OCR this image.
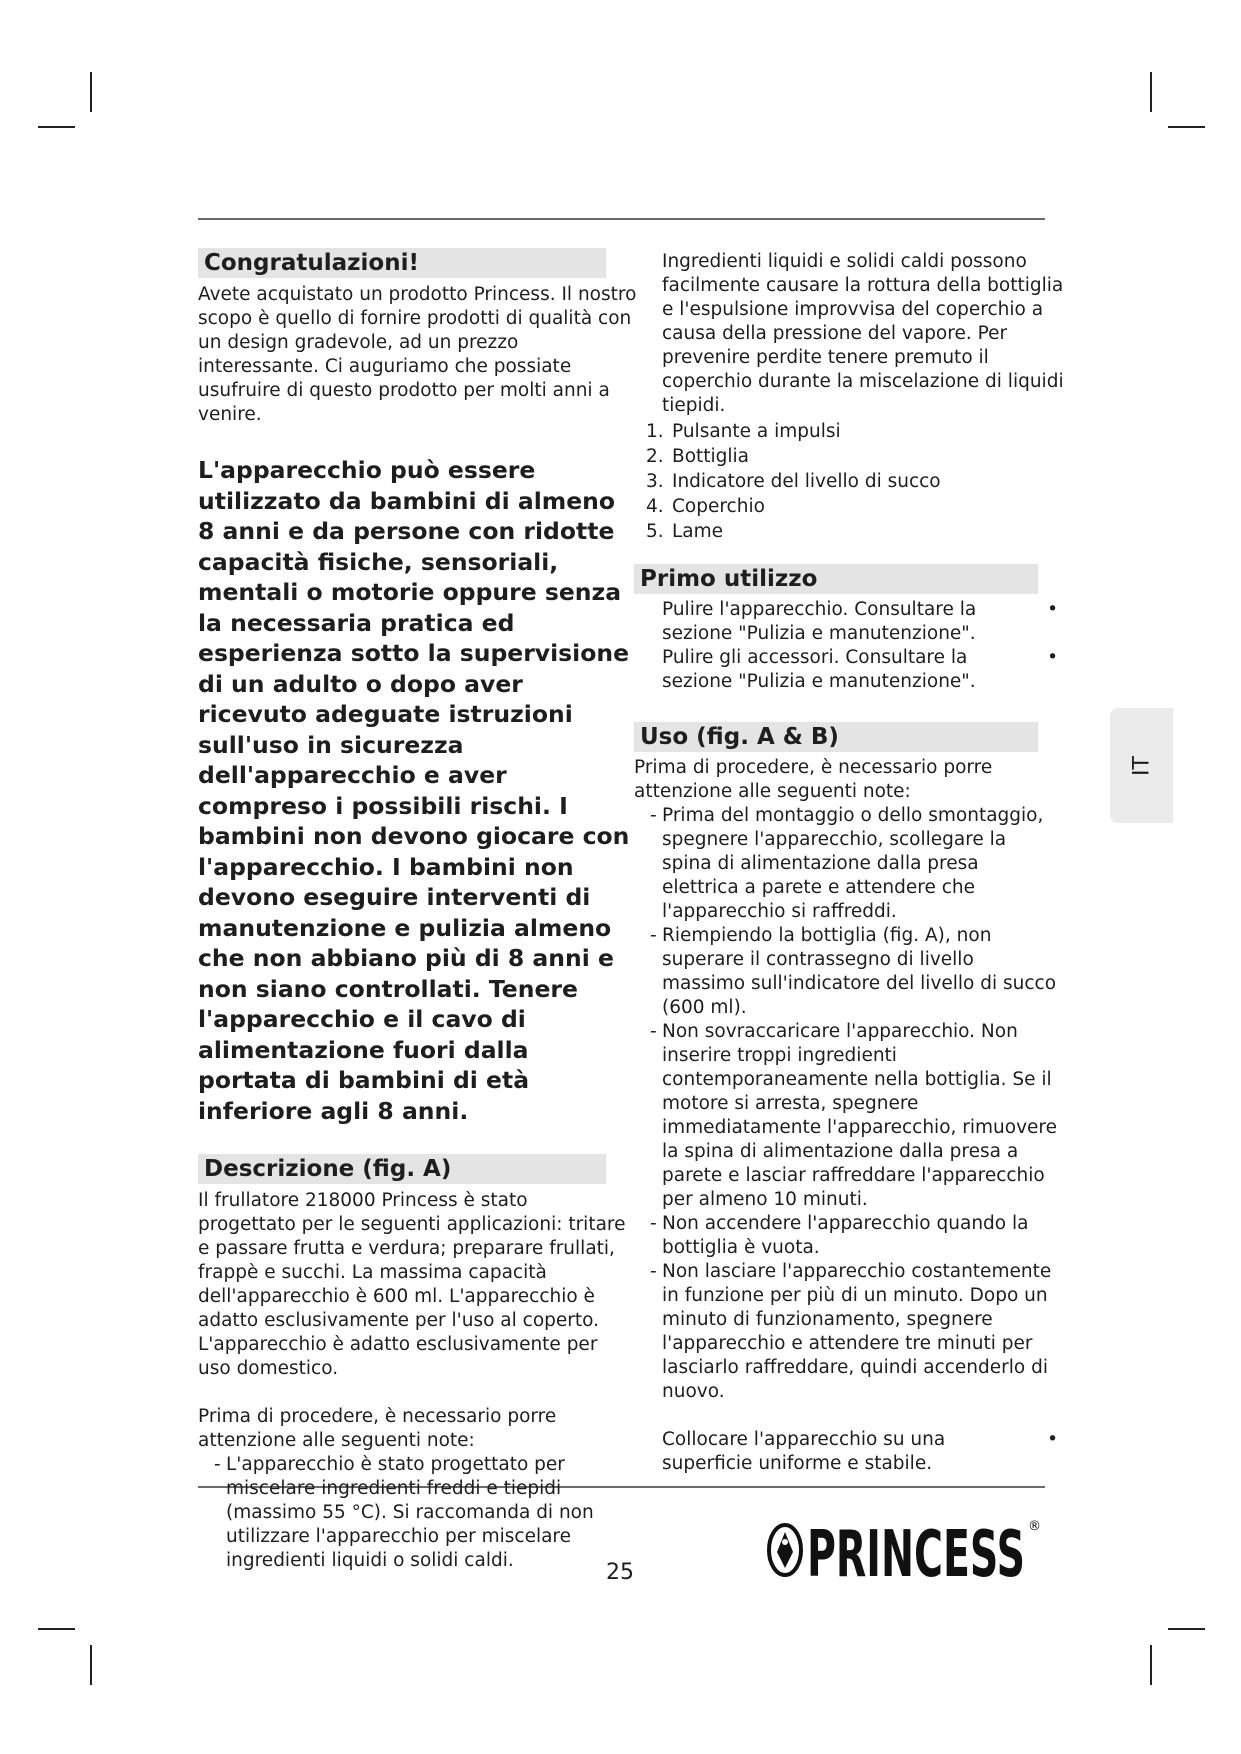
Congratulazioni!

Avete acquistato un prodotto Princess. Il nostro scopo è quello di fornire prodotti di qualità con un design gradevole, ad un prezzo interessante. Ci auguriamo che possiate usufruire di questo prodotto per molti anni a venire.

L'apparecchio può essere utilizzato da bambini di almeno 8 anni e da persone con ridotte capacità fisiche, sensoriali, mentali o motorie oppure senza la necessaria pratica ed esperienza sotto la supervisione di un adulto o dopo aver ricevuto adeguate istruzioni sull'uso in sicurezza dell'apparecchio e aver compreso i possibili rischi. I bambini non devono giocare con l'apparecchio. I bambini non devono eseguire interventi di manutenzione e pulizia almeno che non abbiano più di 8 anni e non siano controllati. Tenere l'apparecchio e il cavo di alimentazione fuori dalla portata di bambini di età inferiore agli 8 anni.

Descrizione (fig. A)

Il frullatore 218000 Princess è stato progettato per le seguenti applicazioni: tritare e passare frutta e verdura; preparare frullati, frappè e succhi. La massima capacità dell'apparecchio è 600 ml. L'apparecchio è adatto esclusivamente per l'uso al coperto. L'apparecchio è adatto esclusivamente per uso domestico.

Prima di procedere, è necessario porre attenzione alle seguenti note:

- L'apparecchio è stato progettato per miscelare ingredienti freddi e tiepidi (massimo 55 °C). Si raccomanda di non utilizzare l'apparecchio per miscelare ingredienti liquidi o solidi caldi.

Ingredienti liquidi e solidi caldi possono facilmente causare la rottura della bottiglia e l'espulsione improvvisa del coperchio a causa della pressione del vapore. Per prevenire perdite tenere premuto il coperchio durante la miscelazione di liquidi tiepidi.

1. Pulsante a impulsi
2. Bottiglia
3. Indicatore del livello di succo
4. Coperchio
5. Lame
Primo utilizzo
Pulire l'apparecchio. Consultare la sezione "Pulizia e manutenzione".
•
Pulire gli accessori. Consultare la sezione "Pulizia e manutenzione".
•
Uso (fig. A & B)

Prima di procedere, è necessario porre attenzione alle seguenti note:

- Prima del montaggio o dello smontaggio, spegnere l'apparecchio, scollegare la spina di alimentazione dalla presa elettrica a parete e attendere che l'apparecchio si raffreddi.
- Riempiendo la bottiglia (fig. A), non superare il contrassegno di livello massimo sull'indicatore del livello di succo (600 ml).
- Non sovraccaricare l'apparecchio. Non inserire troppi ingredienti contemporaneamente nella bottiglia. Se il motore si arresta, spegnere immediatamente l'apparecchio, rimuovere la spina di alimentazione dalla presa a parete e lasciar raffreddare l'apparecchio per almeno 10 minuti.
- Non accendere l'apparecchio quando la bottiglia è vuota.
- Non lasciare l'apparecchio costantemente in funzione per più di un minuto. Dopo un minuto di funzionamento, spegnere l'apparecchio e attendere tre minuti per lasciarlo raffreddare, quindi accenderlo di nuovo.
Collocare l'apparecchio su una superficie uniforme e stabile.
•
IT
25	PRINCESS ®
